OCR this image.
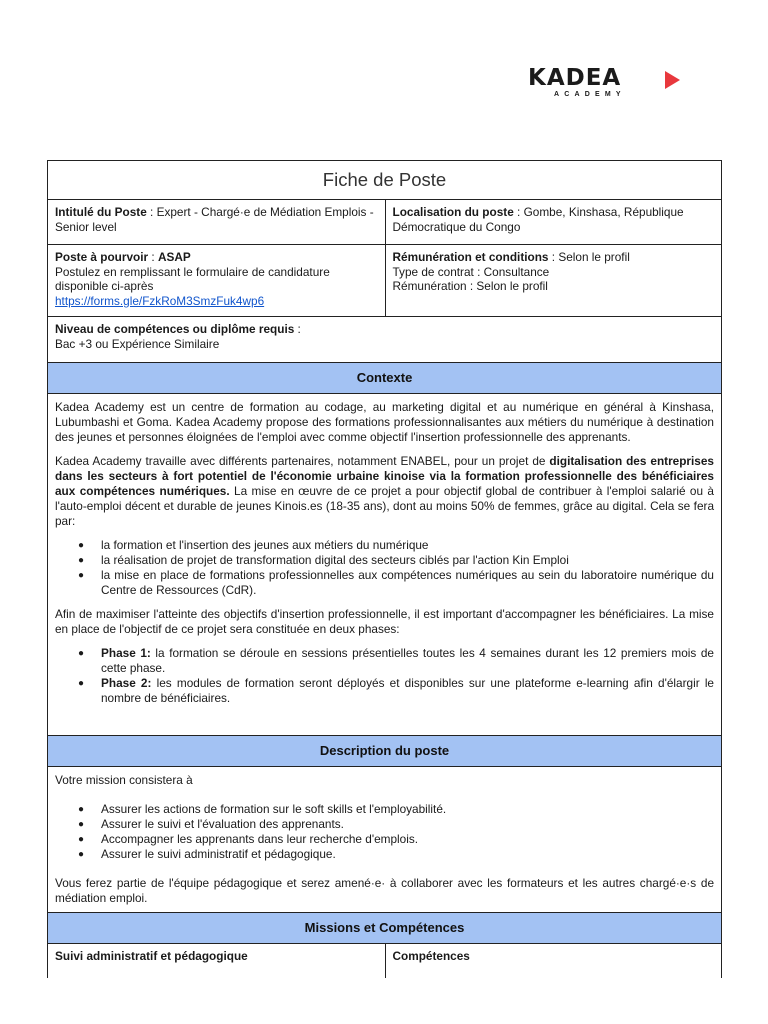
KADEA
ACADEMY
Fiche de Poste
Intitulé du Poste : Expert - Chargé·e de Médiation Emplois - Senior level
Localisation du poste : Gombe, Kinshasa, République Démocratique du Congo
Poste à pourvoir : ASAP
Postulez en remplissant le formulaire de candidature disponible ci-après
https://forms.gle/FzkRoM3SmzFuk4wp6
Rémunération et conditions : Selon le profil
Type de contrat : Consultance
Rémunération : Selon le profil
Niveau de compétences ou diplôme requis :
Bac +3 ou Expérience Similaire
Contexte

Kadea Academy est un centre de formation au codage, au marketing digital et au numérique en général à Kinshasa, Lubumbashi et Goma. Kadea Academy propose des formations professionnalisantes aux métiers du numérique à destination des jeunes et personnes éloignées de l'emploi avec comme objectif l'insertion professionnelle des apprenants.

Kadea Academy travaille avec différents partenaires, notamment ENABEL, pour un projet de digitalisation des entreprises dans les secteurs à fort potentiel de l'économie urbaine kinoise via la formation professionnelle des bénéficiaires aux compétences numériques. La mise en œuvre de ce projet a pour objectif global de contribuer à l'emploi salarié ou à l'auto-emploi décent et durable de jeunes Kinois.es (18-35 ans), dont au moins 50% de femmes, grâce au digital. Cela se fera par:

● la formation et l'insertion des jeunes aux métiers du numérique
● la réalisation de projet de transformation digital des secteurs ciblés par l'action Kin Emploi
● la mise en place de formations professionnelles aux compétences numériques au sein du laboratoire numérique du Centre de Ressources (CdR).

Afin de maximiser l'atteinte des objectifs d'insertion professionnelle, il est important d'accompagner les bénéficiaires. La mise en place de l'objectif de ce projet sera constituée en deux phases:

● Phase 1: la formation se déroule en sessions présentielles toutes les 4 semaines durant les 12 premiers mois de cette phase.
● Phase 2: les modules de formation seront déployés et disponibles sur une plateforme e-learning afin d'élargir le nombre de bénéficiaires.
Description du poste

Votre mission consistera à

● Assurer les actions de formation sur le soft skills et l'employabilité.
● Assurer le suivi et l'évaluation des apprenants.
● Accompagner les apprenants dans leur recherche d'emplois.
● Assurer le suivi administratif et pédagogique.

Vous ferez partie de l'équipe pédagogique et serez amené·e· à collaborer avec les formateurs et les autres chargé·e·s de médiation emploi.

Missions et Compétences
Suivi administratif et pédagogique	Compétences
